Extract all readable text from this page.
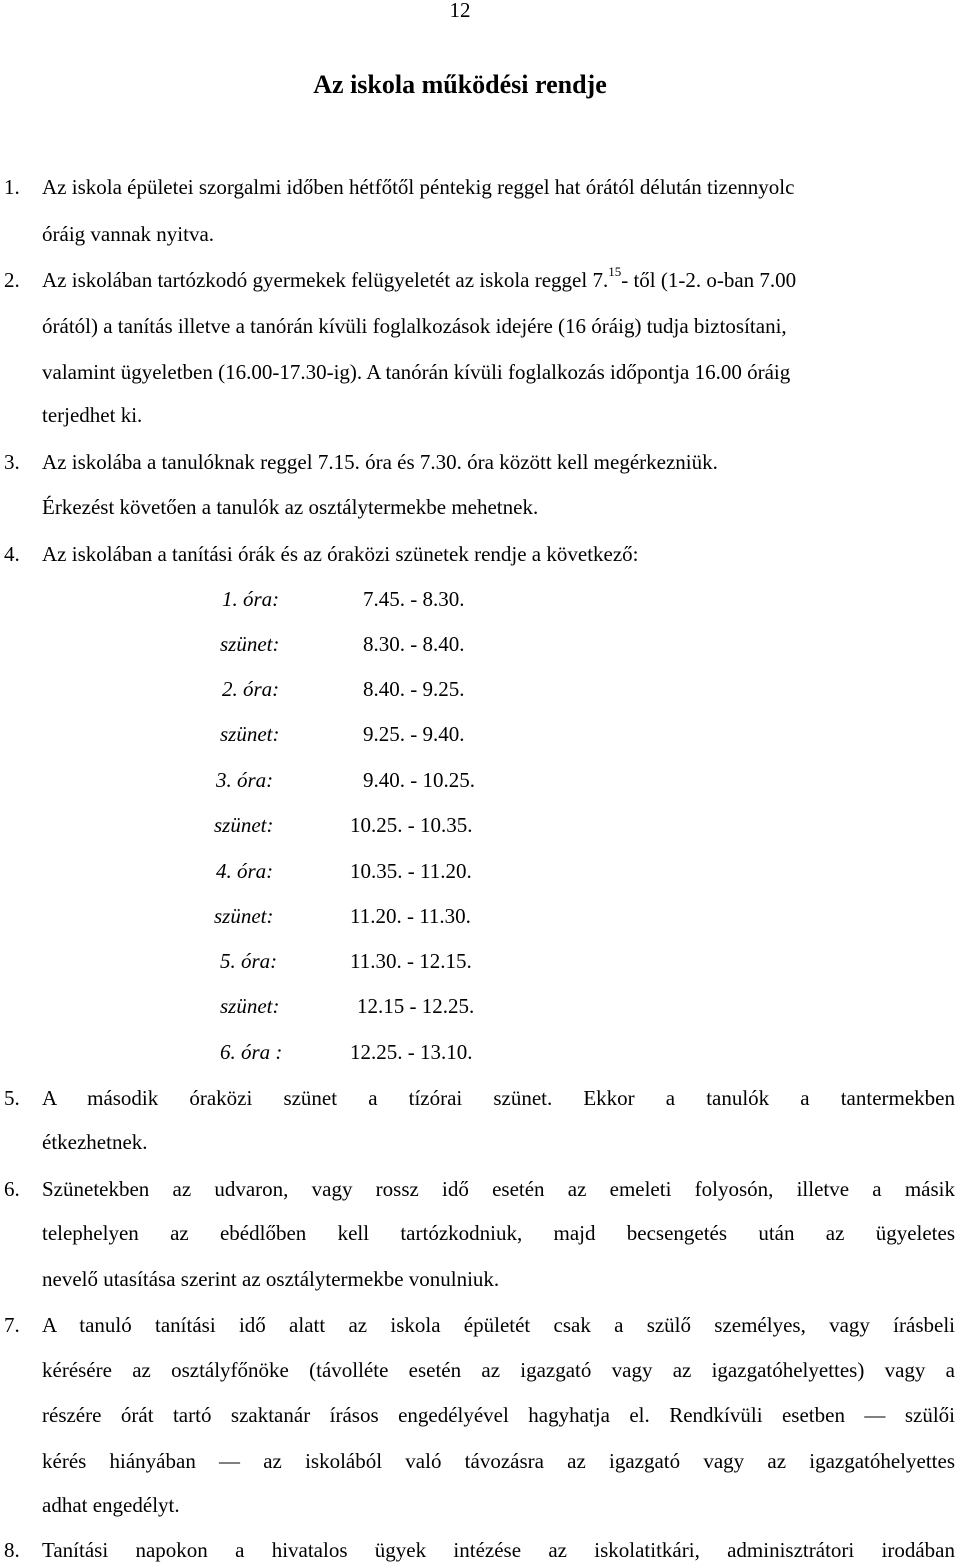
12
Az iskola működési rendje
1. Az iskola épületei szorgalmi időben hétfőtől péntekig reggel hat órától délután tizennyolc
óráig vannak nyitva.
2. Az iskolában tartózkodó gyermekek felügyeletét az iskola reggel 7.15- től (1-2. o-ban 7.00
órától) a tanítás illetve a tanórán kívüli foglalkozások idejére (16 óráig) tudja biztosítani,
valamint ügyeletben (16.00-17.30-ig). A tanórán kívüli foglalkozás időpontja 16.00 óráig
terjedhet ki.
3. Az iskolába a tanulóknak reggel 7.15. óra és 7.30. óra között kell megérkezniük.
Érkezést követően a tanulók az osztálytermekbe mehetnek.
4. Az iskolában a tanítási órák és az óraközi szünetek rendje a következő:
1. óra:	7.45. - 8.30.
szünet:	8.30. - 8.40.
2. óra:	8.40. - 9.25.
szünet:	9.25. - 9.40.
3. óra:	9.40. - 10.25.
szünet:	10.25. - 10.35.
4. óra:	10.35. - 11.20.
szünet:	11.20. - 11.30.
5. óra:	11.30. - 12.15.
szünet:	12.15 - 12.25.
6. óra :	12.25. - 13.10.
5. A második óraközi szünet a tízórai szünet. Ekkor a tanulók a tantermekben
étkezhetnek.
6. Szünetekben az udvaron, vagy rossz idő esetén az emeleti folyosón, illetve a másik
telephelyen az ebédlőben kell tartózkodniuk, majd becsengetés után az ügyeletes
nevelő utasítása szerint az osztálytermekbe vonulniuk.
7. A tanuló tanítási idő alatt az iskola épületét csak a szülő személyes, vagy írásbeli
kérésére az osztályfőnöke (távolléte esetén az igazgató vagy az igazgatóhelyettes) vagy a
részére órát tartó szaktanár írásos engedélyével hagyhatja el. Rendkívüli esetben — szülői
kérés hiányában — az iskolából való távozásra az igazgató vagy az igazgatóhelyettes
adhat engedélyt.
8. Tanítási napokon a hivatalos ügyek intézése az iskolatitkári, adminisztrátori irodában
